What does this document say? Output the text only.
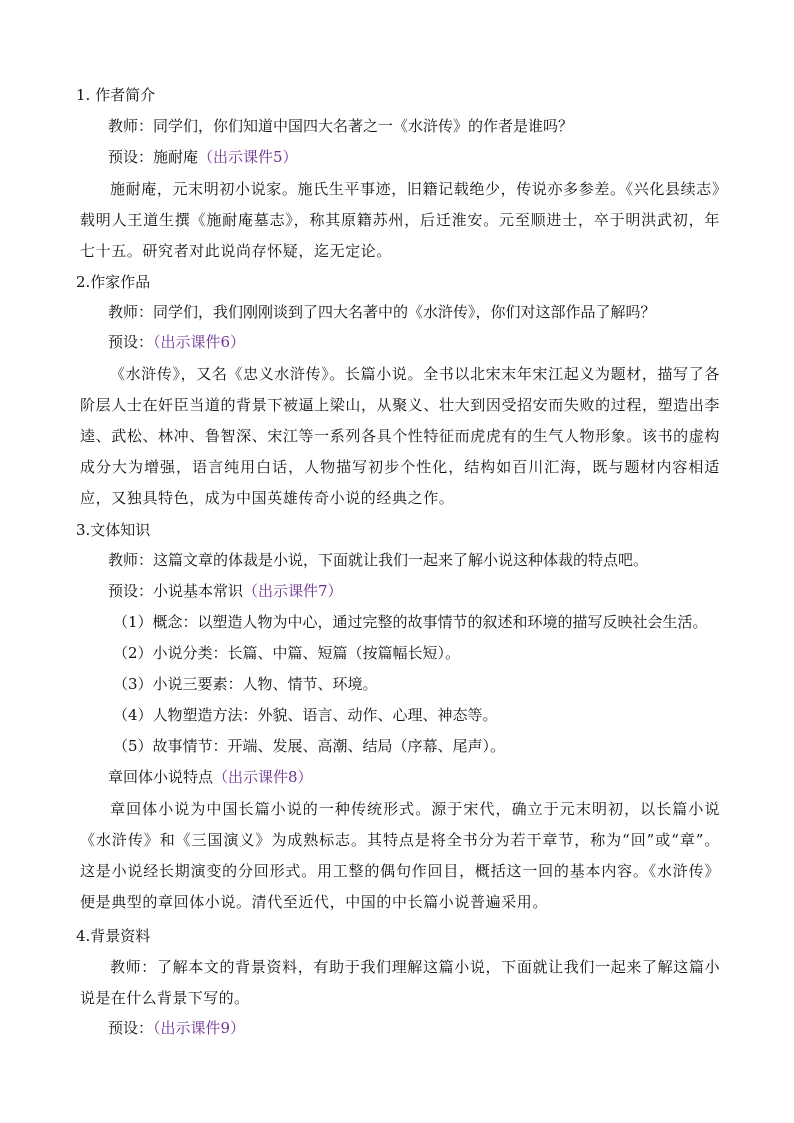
1. 作者简介
教师：同学们，你们知道中国四大名著之一《水浒传》的作者是谁吗？
预设：施耐庵（出示课件5）
施耐庵，元末明初小说家。施氏生平事迹，旧籍记载绝少，传说亦多参差。《兴化县续志》载明人王道生撰《施耐庵墓志》，称其原籍苏州，后迁淮安。元至顺进士，卒于明洪武初，年七十五。研究者对此说尚存怀疑，迄无定论。
2.作家作品
教师：同学们，我们刚刚谈到了四大名著中的《水浒传》，你们对这部作品了解吗？
预设：（出示课件6）
《水浒传》，又名《忠义水浒传》。长篇小说。全书以北宋末年宋江起义为题材，描写了各阶层人士在奸臣当道的背景下被逼上梁山，从聚义、壮大到因受招安而失败的过程，塑造出李逵、武松、林冲、鲁智深、宋江等一系列各具个性特征而虎虎有的生气人物形象。该书的虚构成分大为增强，语言纯用白话，人物描写初步个性化，结构如百川汇海，既与题材内容相适应，又独具特色，成为中国英雄传奇小说的经典之作。
3.文体知识
教师：这篇文章的体裁是小说，下面就让我们一起来了解小说这种体裁的特点吧。
预设：小说基本常识（出示课件7）
（1）概念：以塑造人物为中心，通过完整的故事情节的叙述和环境的描写反映社会生活。
（2）小说分类：长篇、中篇、短篇（按篇幅长短）。
（3）小说三要素：人物、情节、环境。
（4）人物塑造方法：外貌、语言、动作、心理、神态等。
（5）故事情节：开端、发展、高潮、结局（序幕、尾声）。
章回体小说特点（出示课件8）
章回体小说为中国长篇小说的一种传统形式。源于宋代，确立于元末明初，以长篇小说《水浒传》和《三国演义》为成熟标志。其特点是将全书分为若干章节，称为“回”或“章”。这是小说经长期演变的分回形式。用工整的偶句作回目，概括这一回的基本内容。《水浒传》便是典型的章回体小说。清代至近代，中国的中长篇小说普遍采用。
4.背景资料
教师：了解本文的背景资料，有助于我们理解这篇小说，下面就让我们一起来了解这篇小说是在什么背景下写的。
预设：（出示课件9）
